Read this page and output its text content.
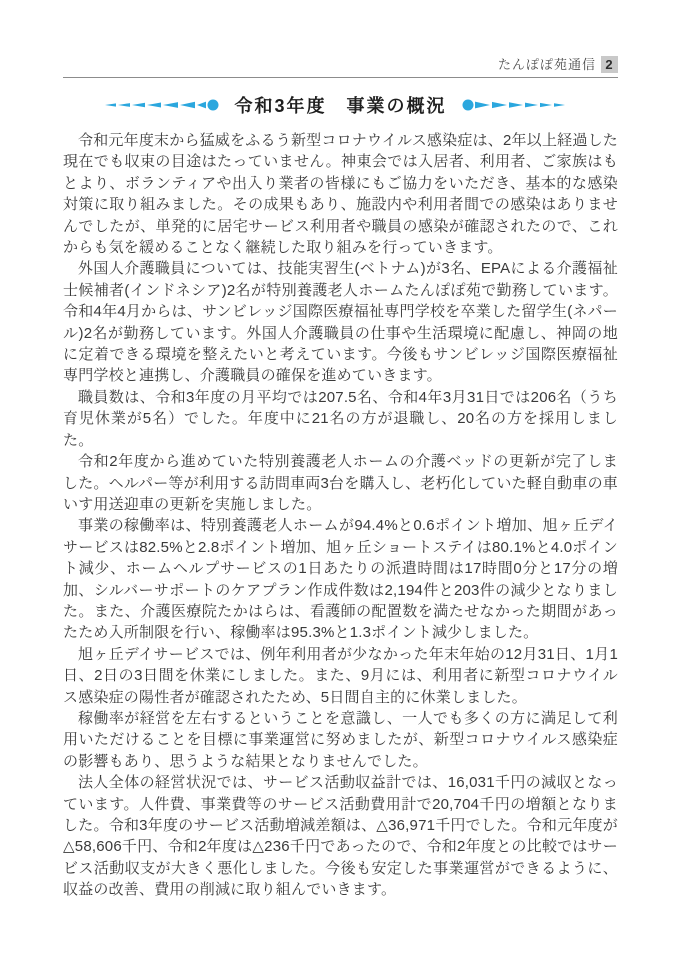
たんぽぽ苑通信 2
令和3年度　事業の概況

令和元年度末から猛威をふるう新型コロナウイルス感染症は、2年以上経過した現在でも収束の目途はたっていません。神東会では入居者、利用者、ご家族はもとより、ボランティアや出入り業者の皆様にもご協力をいただき、基本的な感染対策に取り組みました。その成果もあり、施設内や利用者間での感染はありませんでしたが、単発的に居宅サービス利用者や職員の感染が確認されたので、これからも気を緩めることなく継続した取り組みを行っていきます。

外国人介護職員については、技能実習生(ベトナム)が3名、EPAによる介護福祉士候補者(インドネシア)2名が特別養護老人ホームたんぽぽ苑で勤務しています。令和4年4月からは、サンビレッジ国際医療福祉専門学校を卒業した留学生(ネパール)2名が勤務しています。外国人介護職員の仕事や生活環境に配慮し、神岡の地に定着できる環境を整えたいと考えています。今後もサンビレッジ国際医療福祉専門学校と連携し、介護職員の確保を進めていきます。

職員数は、令和3年度の月平均では207.5名、令和4年3月31日では206名（うち育児休業が5名）でした。年度中に21名の方が退職し、20名の方を採用しました。

令和2年度から進めていた特別養護老人ホームの介護ベッドの更新が完了しました。ヘルパー等が利用する訪問車両3台を購入し、老朽化していた軽自動車の車いす用送迎車の更新を実施しました。

事業の稼働率は、特別養護老人ホームが94.4%と0.6ポイント増加、旭ヶ丘デイサービスは82.5%と2.8ポイント増加、旭ヶ丘ショートステイは80.1%と4.0ポイント減少、ホームヘルプサービスの1日あたりの派遣時間は17時間0分と17分の増加、シルバーサポートのケアプラン作成件数は2,194件と203件の減少となりました。また、介護医療院たかはらは、看護師の配置数を満たせなかった期間があったため入所制限を行い、稼働率は95.3%と1.3ポイント減少しました。

旭ヶ丘デイサービスでは、例年利用者が少なかった年末年始の12月31日、1月1日、2日の3日間を休業にしました。また、9月には、利用者に新型コロナウイルス感染症の陽性者が確認されたため、5日間自主的に休業しました。

稼働率が経営を左右するということを意識し、一人でも多くの方に満足して利用いただけることを目標に事業運営に努めましたが、新型コロナウイルス感染症の影響もあり、思うような結果となりませんでした。

法人全体の経営状況では、サービス活動収益計では、16,031千円の減収となっています。人件費、事業費等のサービス活動費用計で20,704千円の増額となりました。令和3年度のサービス活動増減差額は、△36,971千円でした。令和元年度が△58,606千円、令和2年度は△236千円であったので、令和2年度との比較ではサービス活動収支が大きく悪化しました。今後も安定した事業運営ができるように、収益の改善、費用の削減に取り組んでいきます。
